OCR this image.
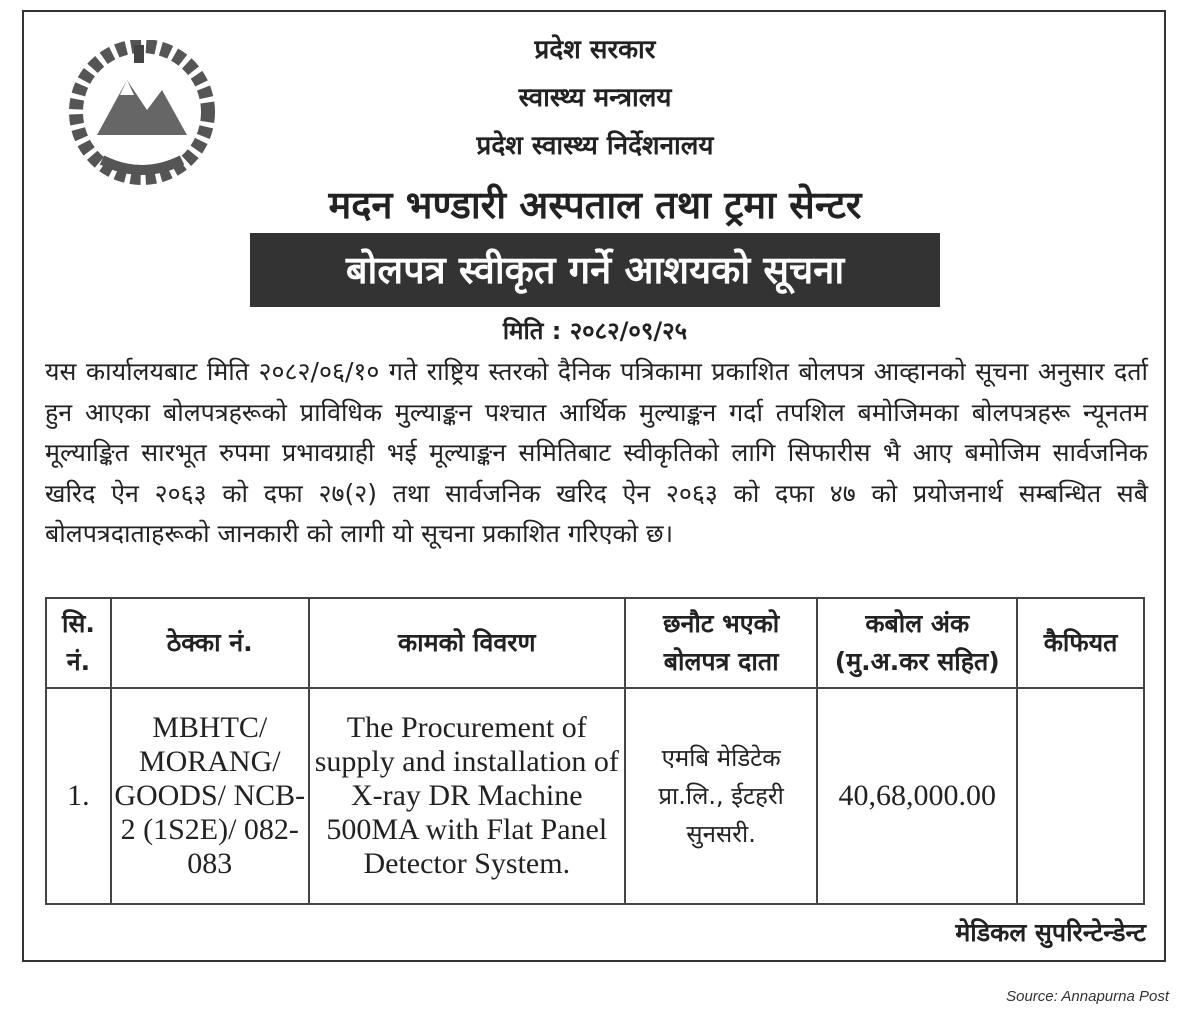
प्रदेश सरकार
स्वास्थ्य मन्त्रालय
प्रदेश स्वास्थ्य निर्देशनालय
मदन भण्डारी अस्पताल तथा ट्रमा सेन्टर
बोलपत्र स्वीकृत गर्ने आशयको सूचना
मिति : २०८२/०९/२५
यस कार्यालयबाट मिति २०८२/०६/१० गते राष्ट्रिय स्तरको दैनिक पत्रिकामा प्रकाशित बोलपत्र आव्हानको सूचना अनुसार दर्ता हुन आएका बोलपत्रहरूको प्राविधिक मुल्याङ्कन पश्चात आर्थिक मुल्याङ्कन गर्दा तपशिल बमोजिमका बोलपत्रहरू न्यूनतम मूल्याङ्कित सारभूत रुपमा प्रभावग्राही भई मूल्याङ्कन समितिबाट स्वीकृतिको लागि सिफारीस भै आए बमोजिम सार्वजनिक खरिद ऐन २०६३ को दफा २७(२) तथा सार्वजनिक खरिद ऐन २०६३ को दफा ४७ को प्रयोजनार्थ सम्बन्धित सबै बोलपत्रदाताहरूको जानकारी को लागी यो सूचना प्रकाशित गरिएको छ।
सि. नं.	ठेक्का नं.	कामको विवरण	छनौट भएको बोलपत्र दाता	कबोल अंक (मु.अ.कर सहित)	कैफियत
1.	MBHTC/ MORANG/ GOODS/ NCB-2 (1S2E)/ 082-083	The Procurement of supply and installation of X-ray DR Machine 500MA with Flat Panel Detector System.	एमबि मेडिटेक प्रा.लि., ईटहरी सुनसरी.	40,68,000.00	
मेडिकल सुपरिन्टेन्डेन्ट
Source: Annapurna Post
